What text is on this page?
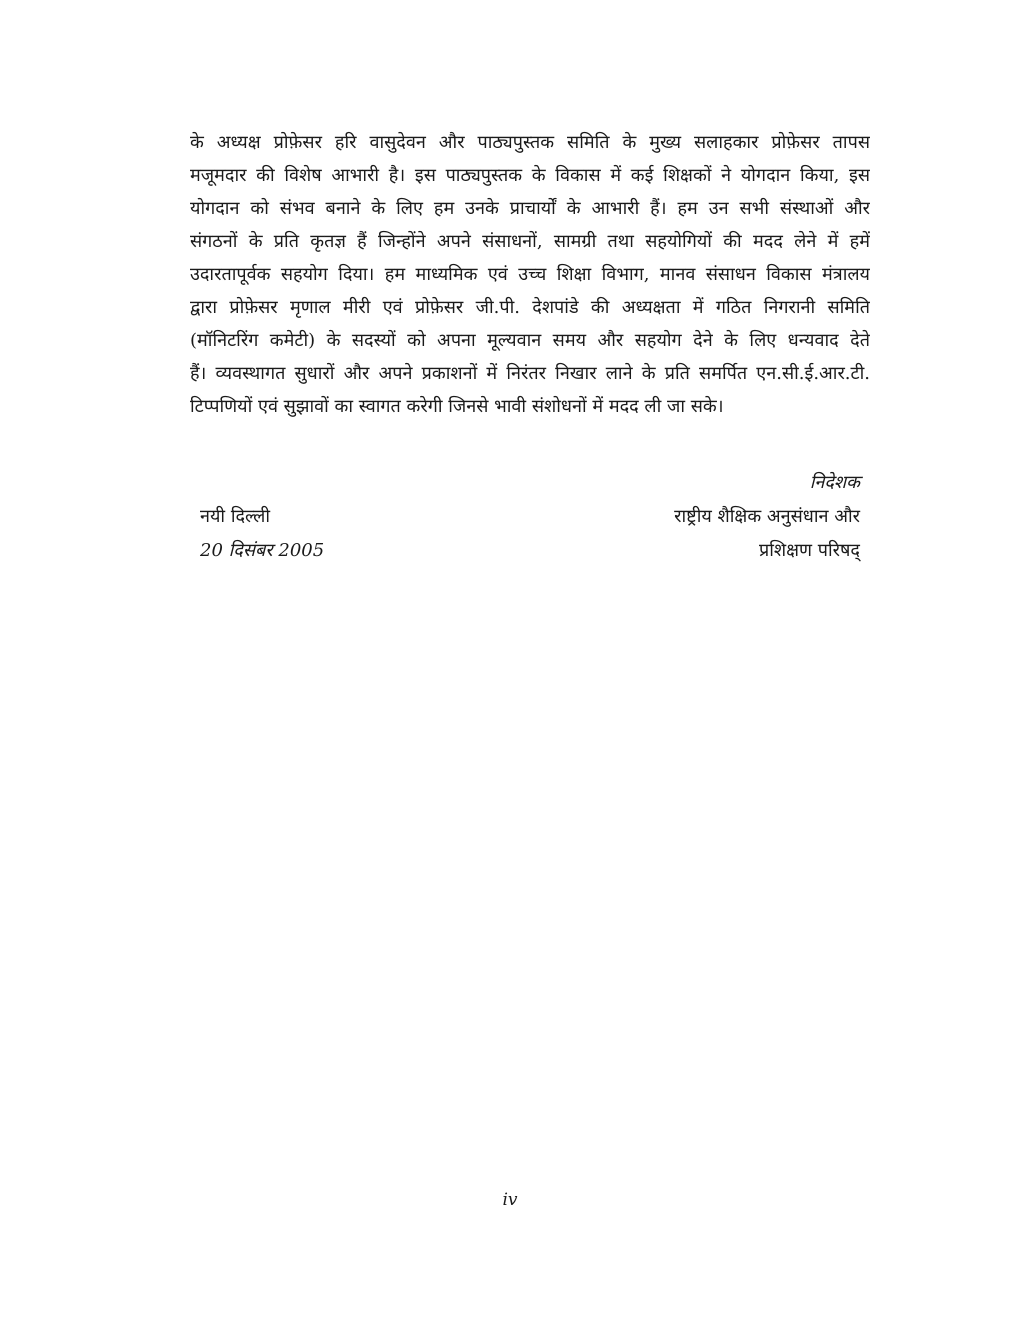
के अध्यक्ष प्रोफ़ेसर हरि वासुदेवन और पाठ्यपुस्तक समिति के मुख्य सलाहकार प्रोफ़ेसर तापस
मजूमदार की विशेष आभारी है। इस पाठ्यपुस्तक के विकास में कई शिक्षकों ने योगदान किया, इस
योगदान को संभव बनाने के लिए हम उनके प्राचार्यों के आभारी हैं। हम उन सभी संस्थाओं और
संगठनों के प्रति कृतज्ञ हैं जिन्होंने अपने संसाधनों, सामग्री तथा सहयोगियों की मदद लेने में हमें
उदारतापूर्वक सहयोग दिया। हम माध्यमिक एवं उच्च शिक्षा विभाग, मानव संसाधन विकास मंत्रालय
द्वारा प्रोफ़ेसर मृणाल मीरी एवं प्रोफ़ेसर जी.पी. देशपांडे की अध्यक्षता में गठित निगरानी समिति
(मॉनिटरिंग कमेटी) के सदस्यों को अपना मूल्यवान समय और सहयोग देने के लिए धन्यवाद देते
हैं। व्यवस्थागत सुधारों और अपने प्रकाशनों में निरंतर निखार लाने के प्रति समर्पित एन.सी.ई.आर.टी.
टिप्पणियों एवं सुझावों का स्वागत करेगी जिनसे भावी संशोधनों में मदद ली जा सके।
नयी दिल्ली
20 दिसंबर 2005
निदेशक
राष्ट्रीय शैक्षिक अनुसंधान और
प्रशिक्षण परिषद्
iv
